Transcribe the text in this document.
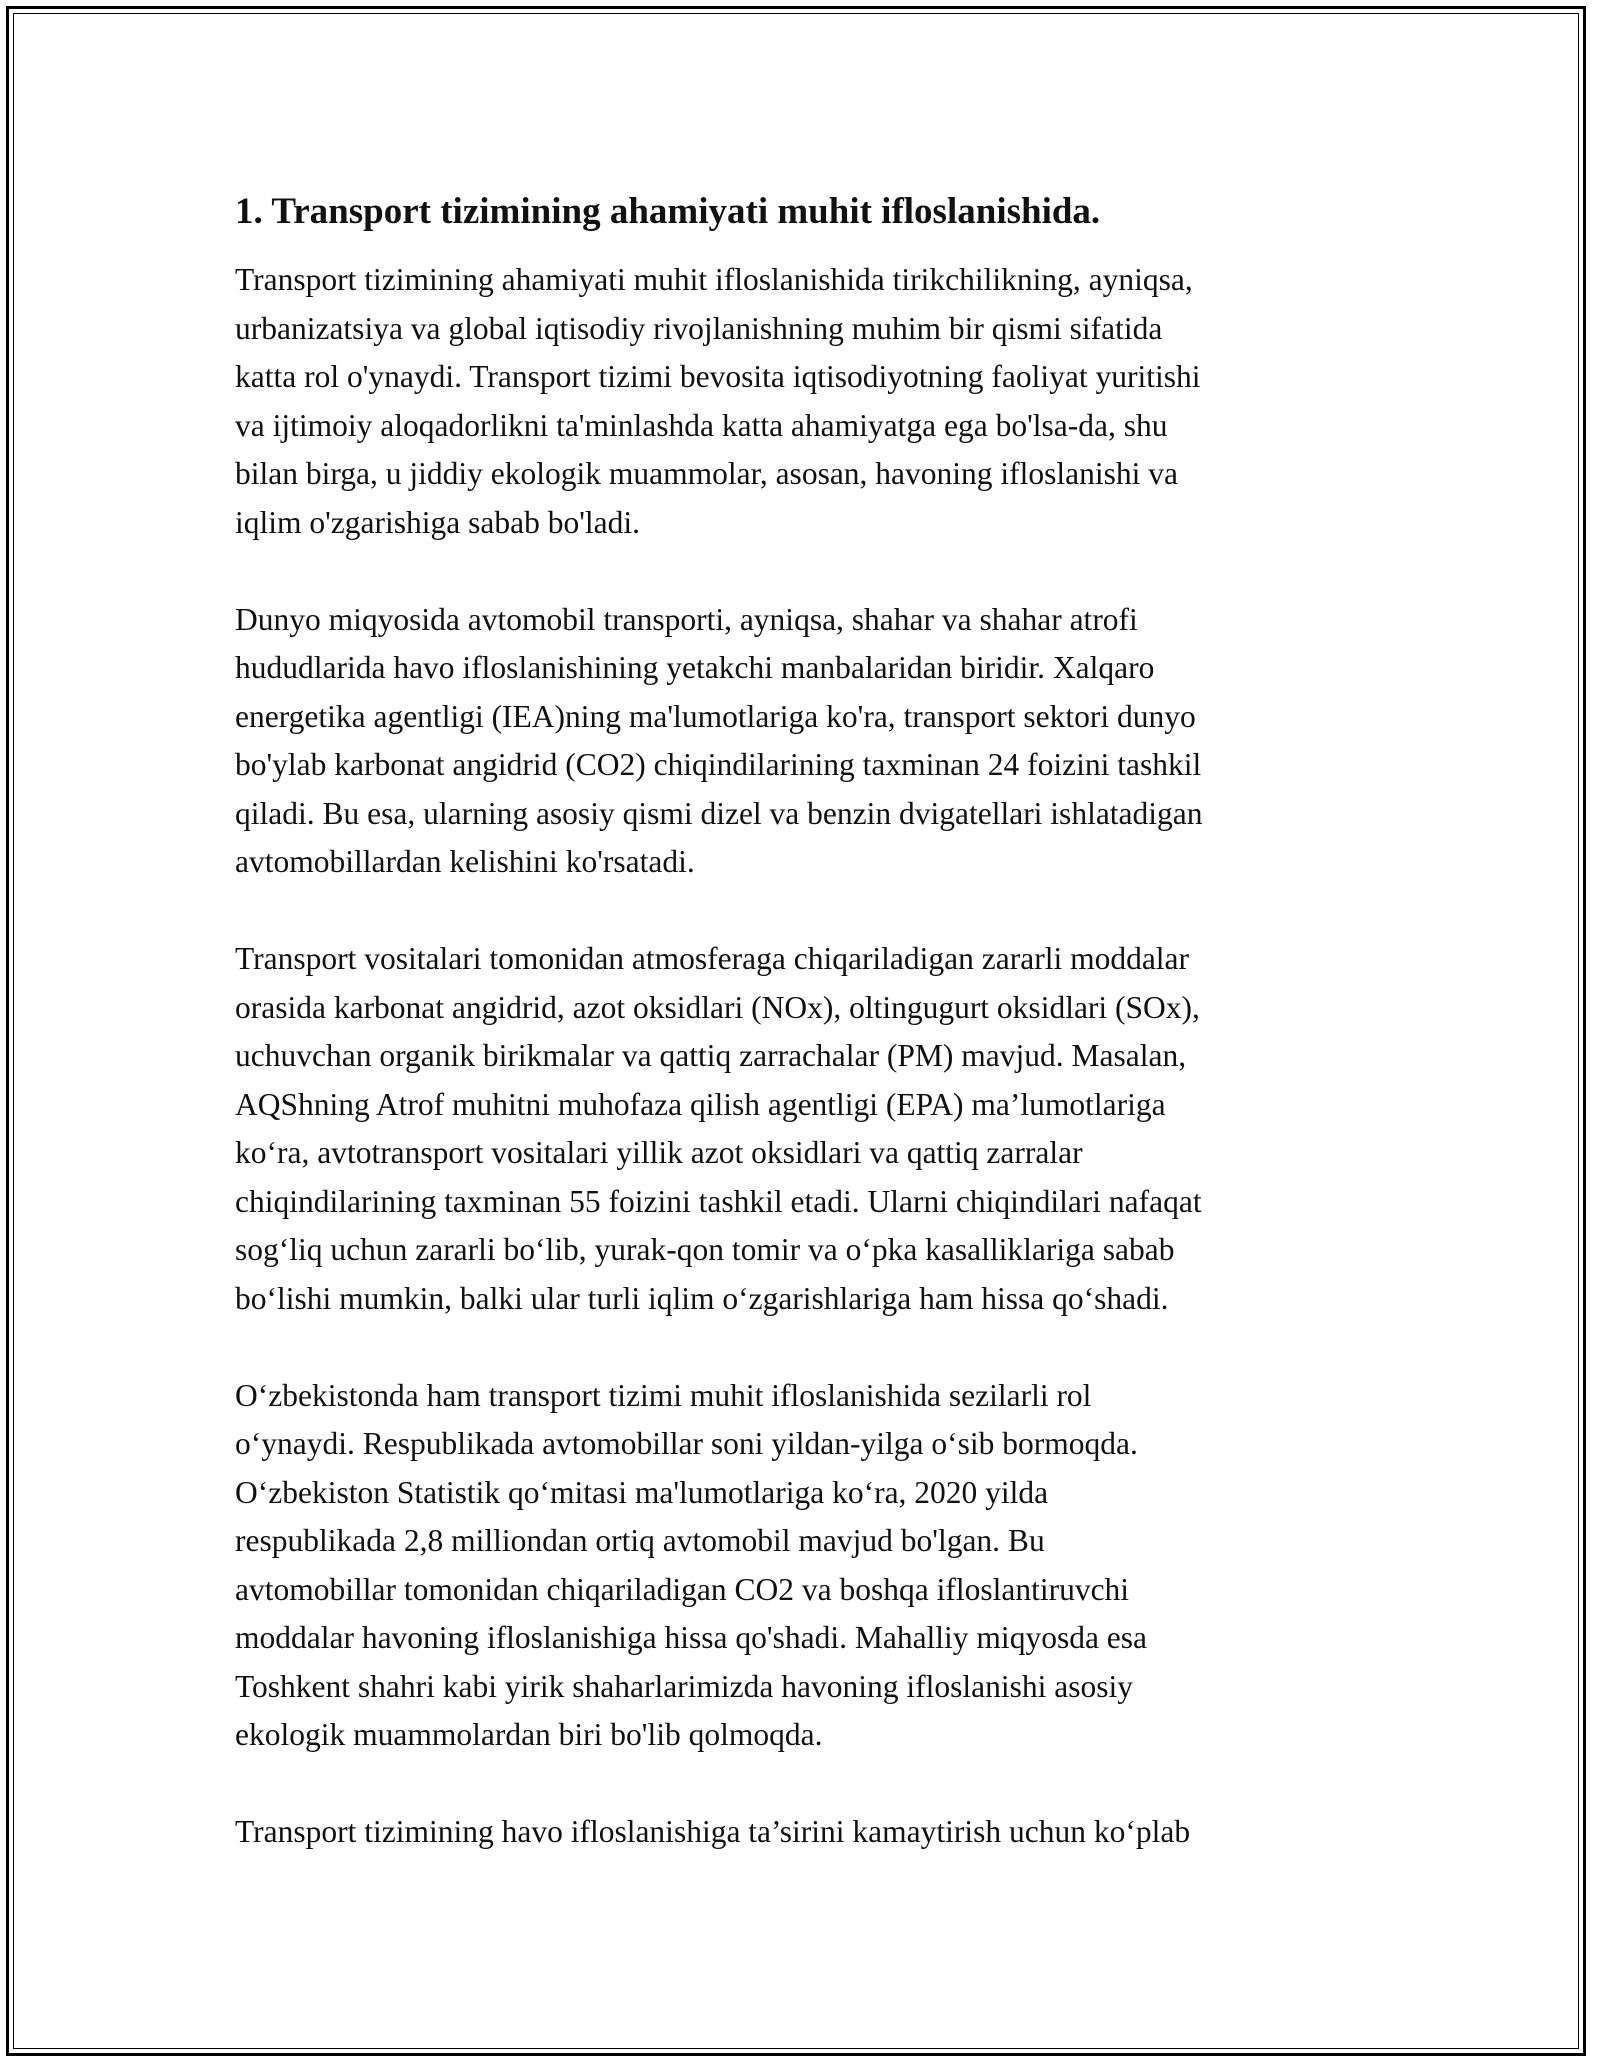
1. Transport tizimining ahamiyati muhit ifloslanishida.

Transport tizimining ahamiyati muhit ifloslanishida tirikchilikning, ayniqsa,
urbanizatsiya va global iqtisodiy rivojlanishning muhim bir qismi sifatida
katta rol o'ynaydi. Transport tizimi bevosita iqtisodiyotning faoliyat yuritishi
va ijtimoiy aloqadorlikni ta'minlashda katta ahamiyatga ega bo'lsa-da, shu
bilan birga, u jiddiy ekologik muammolar, asosan, havoning ifloslanishi va
iqlim o'zgarishiga sabab bo'ladi.

Dunyo miqyosida avtomobil transporti, ayniqsa, shahar va shahar atrofi
hududlarida havo ifloslanishining yetakchi manbalaridan biridir. Xalqaro
energetika agentligi (IEA)ning ma'lumotlariga ko'ra, transport sektori dunyo
bo'ylab karbonat angidrid (CO2) chiqindilarining taxminan 24 foizini tashkil
qiladi. Bu esa, ularning asosiy qismi dizel va benzin dvigatellari ishlatadigan
avtomobillardan kelishini ko'rsatadi.

Transport vositalari tomonidan atmosferaga chiqariladigan zararli moddalar
orasida karbonat angidrid, azot oksidlari (NOx), oltingugurt oksidlari (SOx),
uchuvchan organik birikmalar va qattiq zarrachalar (PM) mavjud. Masalan,
AQShning Atrof muhitni muhofaza qilish agentligi (EPA) ma’lumotlariga
ko‘ra, avtotransport vositalari yillik azot oksidlari va qattiq zarralar
chiqindilarining taxminan 55 foizini tashkil etadi. Ularni chiqindilari nafaqat
sog‘liq uchun zararli bo‘lib, yurak-qon tomir va o‘pka kasalliklariga sabab
bo‘lishi mumkin, balki ular turli iqlim o‘zgarishlariga ham hissa qo‘shadi.

O‘zbekistonda ham transport tizimi muhit ifloslanishida sezilarli rol
o‘ynaydi. Respublikada avtomobillar soni yildan-yilga o‘sib bormoqda.
O‘zbekiston Statistik qo‘mitasi ma'lumotlariga ko‘ra, 2020 yilda
respublikada 2,8 milliondan ortiq avtomobil mavjud bo'lgan. Bu
avtomobillar tomonidan chiqariladigan CO2 va boshqa ifloslantiruvchi
moddalar havoning ifloslanishiga hissa qo'shadi. Mahalliy miqyosda esa
Toshkent shahri kabi yirik shaharlarimizda havoning ifloslanishi asosiy
ekologik muammolardan biri bo'lib qolmoqda.

Transport tizimining havo ifloslanishiga ta’sirini kamaytirish uchun ko‘plab
